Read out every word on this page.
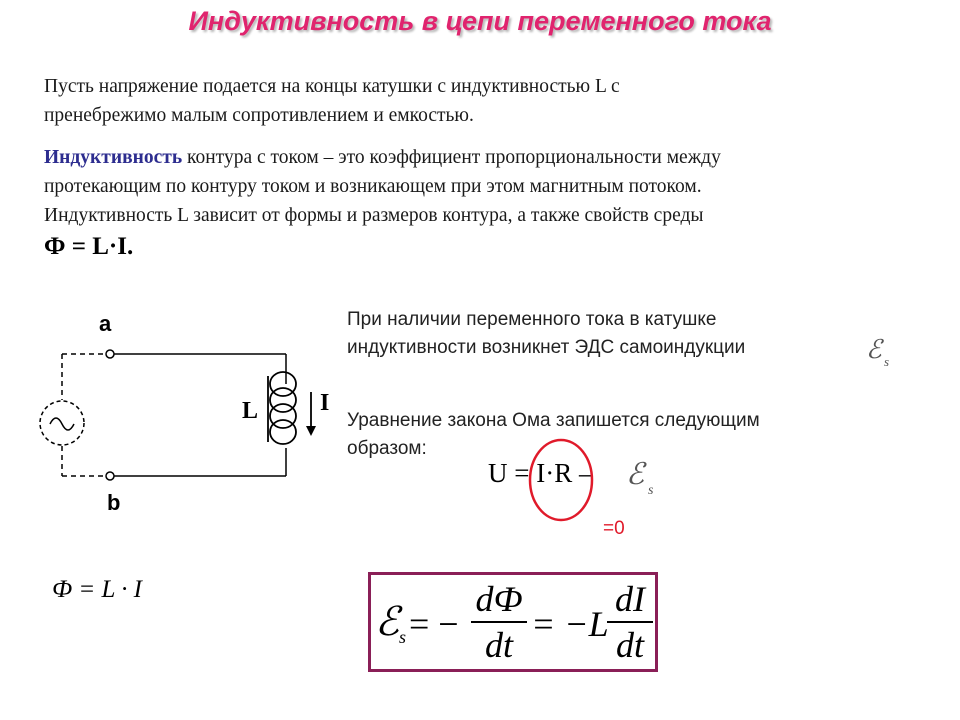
Индуктивность в цепи переменного тока
Пусть напряжение подается на концы катушки с индуктивностью L с
пренебрежимо малым сопротивлением и емкостью.
Индуктивность контура с током – это коэффициент пропорциональности между
протекающим по контуру током и возникающем при этом магнитным потоком.
Индуктивность L зависит от формы и размеров контура, а также свойств среды
Ф = L·I.
a
b
L	I
При наличии переменного тока в катушке
индуктивности возникнет ЭДС самоиндукции	ℰ s
Уравнение закона Ома запишется следующим
образом:
U = I·R – ℰ s
=0
Ф = L · I
ℰ s = −
dФ
dt
= −L
dI
dt
